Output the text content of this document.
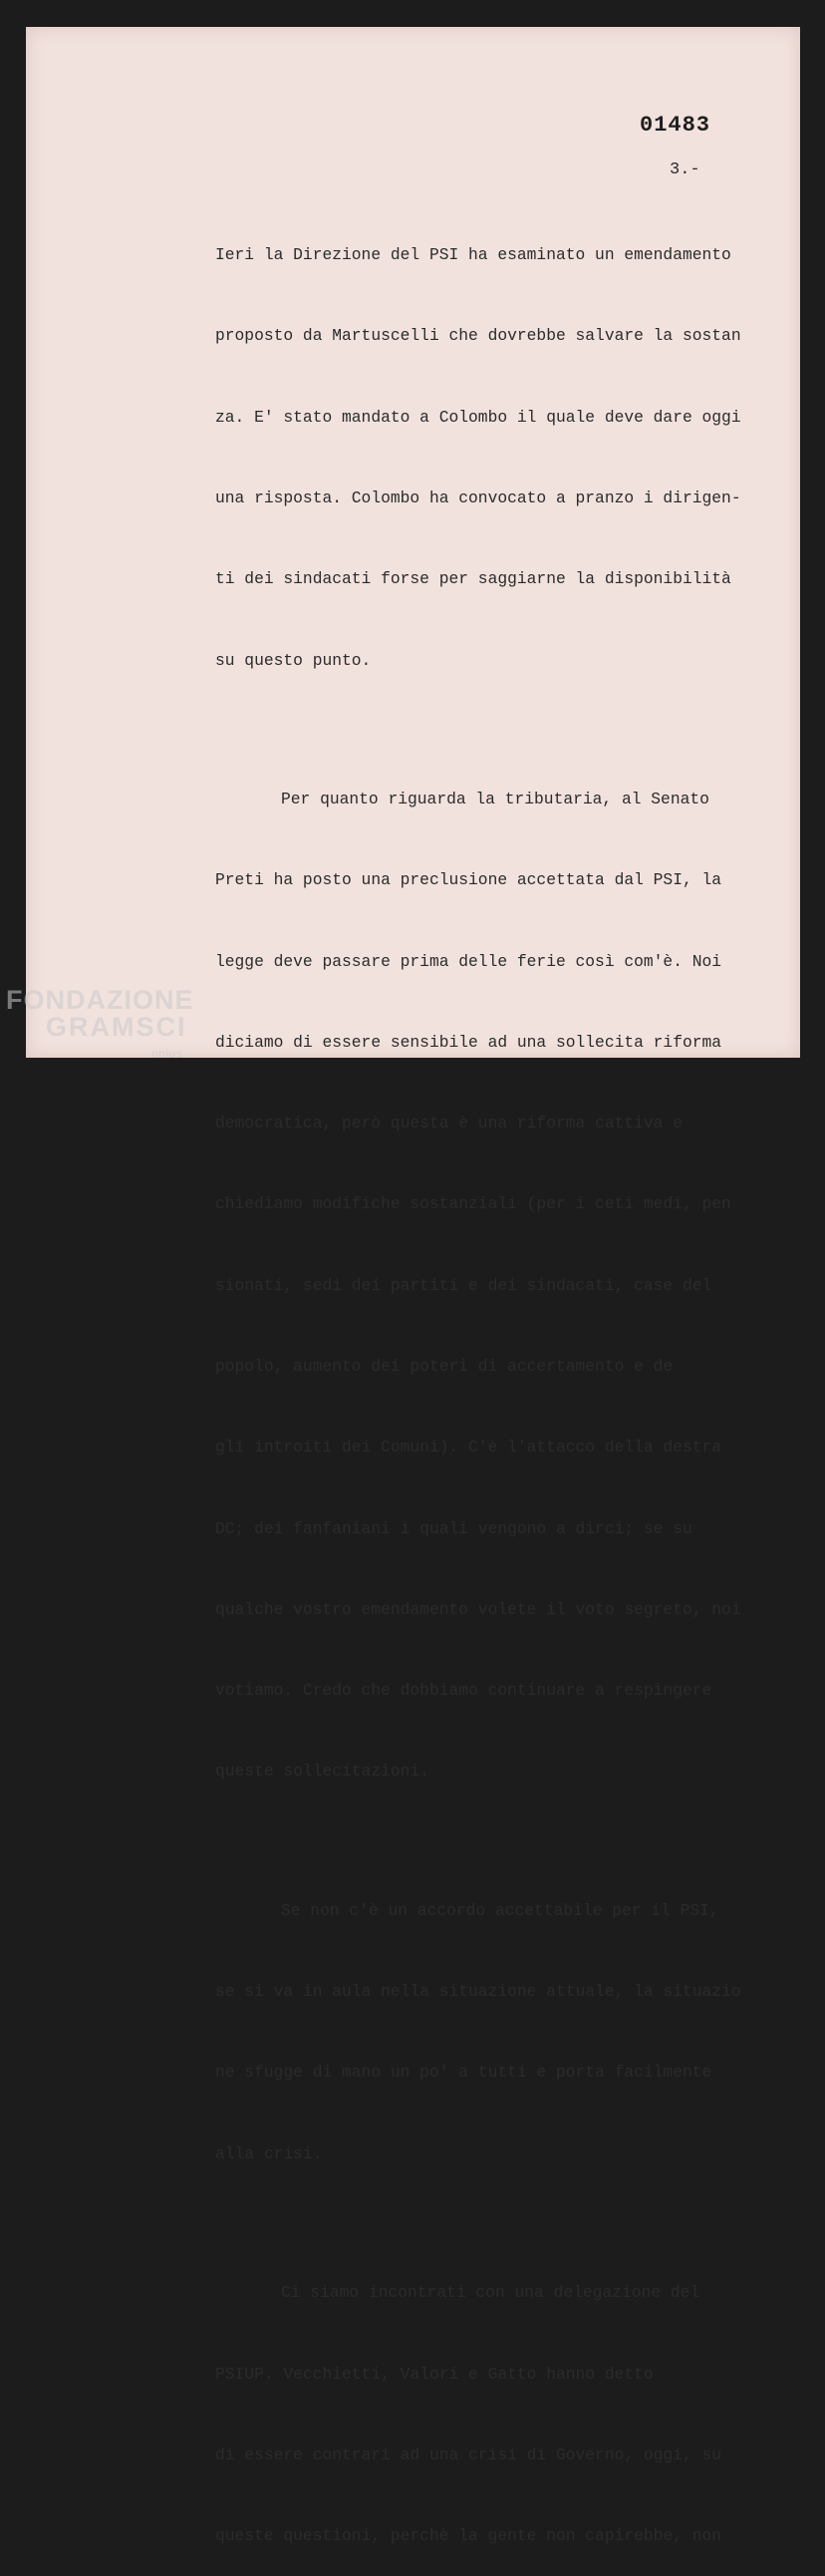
01483
3.-

Ieri la Direzione del PSI ha esaminato un emendamento

proposto da Martuscelli che dovrebbe salvare la sostan

za. E' stato mandato a Colombo il quale deve dare oggi

una risposta. Colombo ha convocato a pranzo i dirigen-

ti dei sindacati forse per saggiarne la disponibilità

su questo punto.

Per quanto riguarda la tributaria, al Senato

Preti ha posto una preclusione accettata dal PSI, la

legge deve passare prima delle ferie così com'è. Noi

diciamo di essere sensibile ad una sollecita riforma

democratica, però questa è una riforma cattiva e

chiediamo modifiche sostanziali (per i ceti medi, pen

sionati, sedi dei partiti e dei sindacati, case del

popolo, aumento dei poteri di accertamento e de

gli introiti dei Comuni). C'è l'attacco della destra

DC; dei fanfaniani i quali vengono a dirci; se su

qualche vostro emendamento volete il voto segreto, noi

votiamo. Credo che dobbiamo continuare a respingere

queste sollecitazioni.

Se non c'è un accordo accettabile per il PSI,

se si va in aula nella situazione attuale, la situazio

ne sfugge di mano un po' a tutti e porta facilmente

alla crisi.

Ci siamo incontrati con una delegazione del

PSIUP. Vecchietti, Valori e Gatto hanno detto

di essere contrari ad una crisi di Governo, oggi, su

queste questioni, perchè la gente non capirebbe, non

FONDAZIONE
GRAMSCI
onlus
